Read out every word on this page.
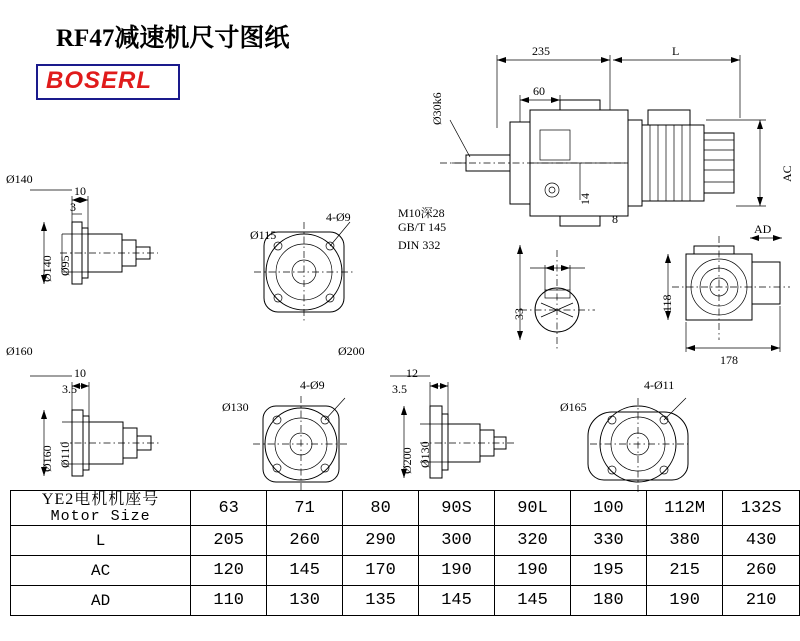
RF47减速机尺寸图纸
BOSERL
235	L
60
Ø30k6
AC
AD
14
M10深28
GB/T 145
DIN 332
8
33
118
178
Ø140
10
3
Ø140 Ø95
Ø115
4-Ø9
Ø160
10
3.5
Ø160 Ø110
Ø130
4-Ø9
Ø200
12
3.5
Ø200 Ø130
Ø165
4-Ø11
YE2电机机座号
Motor Size	63	71	80	90S	90L	100	112M	132S
L	205	260	290	300	320	330	380	430
AC	120	145	170	190	190	195	215	260
AD	110	130	135	145	145	180	190	210
